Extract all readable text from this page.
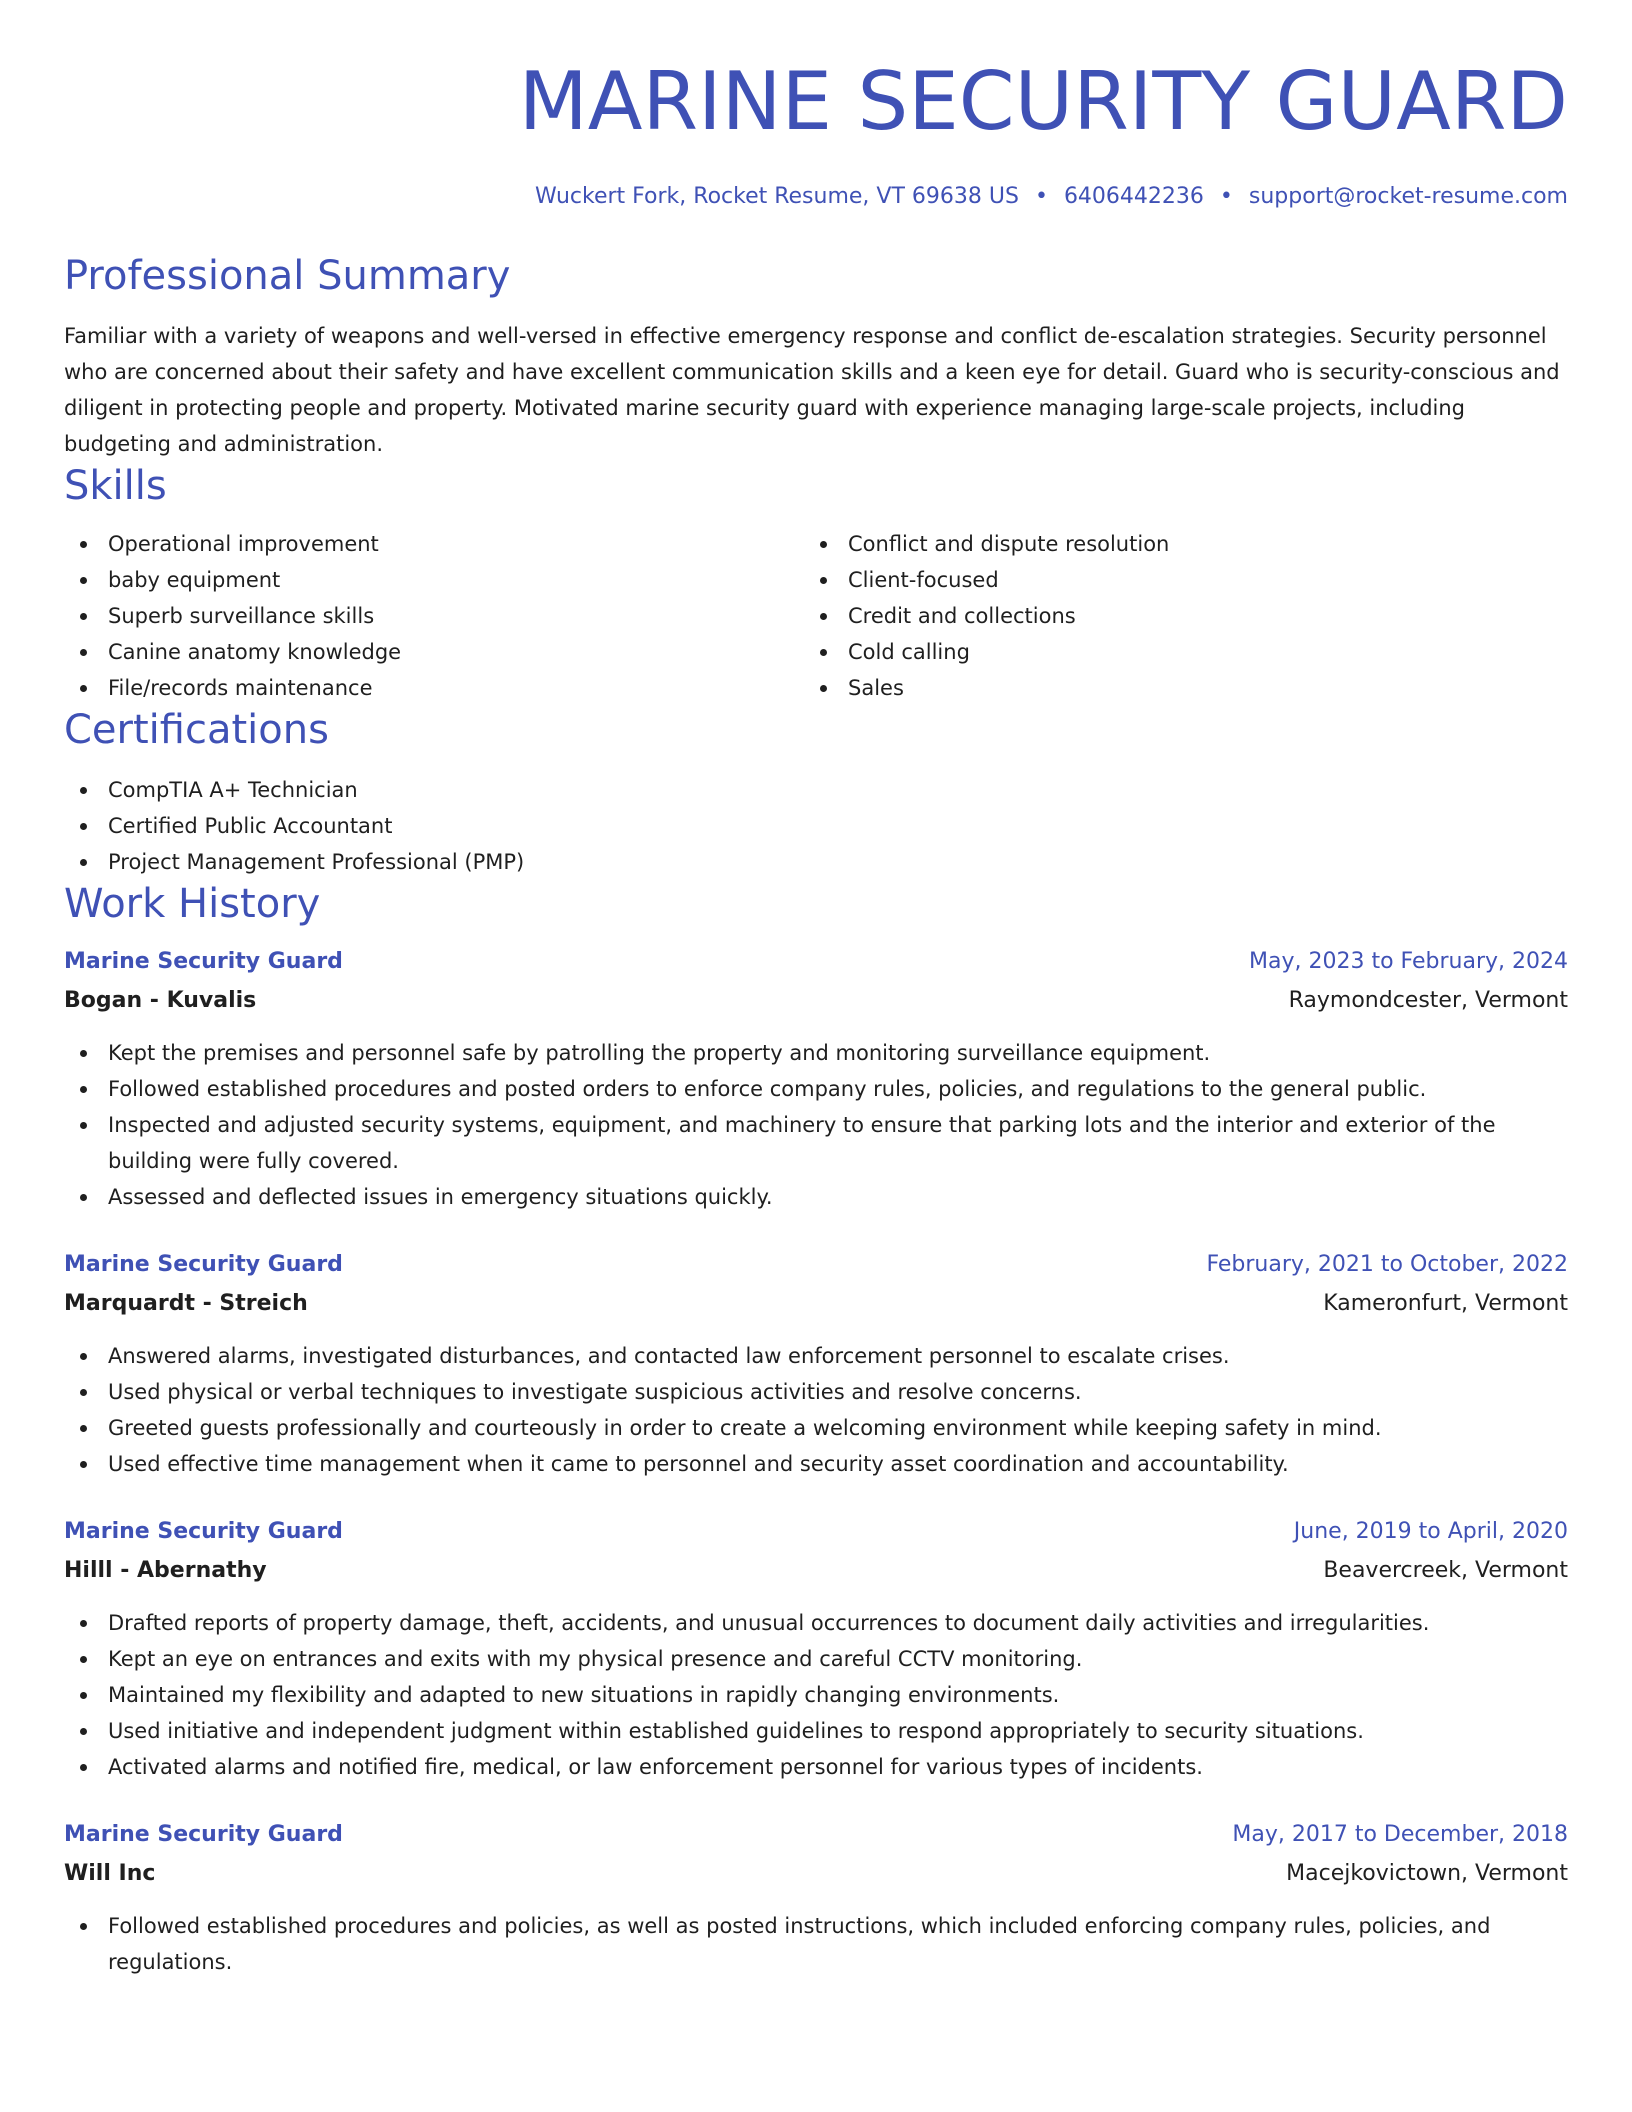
MARINE SECURITY GUARD
Wuckert Fork, Rocket Resume, VT 69638 US • 6406442236 • support@rocket-resume.com
Professional Summary

Familiar with a variety of weapons and well-versed in effective emergency response and conflict de-escalation strategies. Security personnel who are concerned about their safety and have excellent communication skills and a keen eye for detail. Guard who is security-conscious and diligent in protecting people and property. Motivated marine security guard with experience managing large-scale projects, including budgeting and administration.

Skills
Operational improvement
baby equipment
Superb surveillance skills
Canine anatomy knowledge
File/records maintenance
Conflict and dispute resolution
Client-focused
Credit and collections
Cold calling
Sales
Certifications
CompTIA A+ Technician
Certified Public Accountant
Project Management Professional (PMP)
Work History
Marine Security Guard	May, 2023 to February, 2024
Bogan - Kuvalis	Raymondcester, Vermont
Kept the premises and personnel safe by patrolling the property and monitoring surveillance equipment.
Followed established procedures and posted orders to enforce company rules, policies, and regulations to the general public.
Inspected and adjusted security systems, equipment, and machinery to ensure that parking lots and the interior and exterior of the building were fully covered.
Assessed and deflected issues in emergency situations quickly.
Marine Security Guard	February, 2021 to October, 2022
Marquardt - Streich	Kameronfurt, Vermont
Answered alarms, investigated disturbances, and contacted law enforcement personnel to escalate crises.
Used physical or verbal techniques to investigate suspicious activities and resolve concerns.
Greeted guests professionally and courteously in order to create a welcoming environment while keeping safety in mind.
Used effective time management when it came to personnel and security asset coordination and accountability.
Marine Security Guard	June, 2019 to April, 2020
Hilll - Abernathy	Beavercreek, Vermont
Drafted reports of property damage, theft, accidents, and unusual occurrences to document daily activities and irregularities.
Kept an eye on entrances and exits with my physical presence and careful CCTV monitoring.
Maintained my flexibility and adapted to new situations in rapidly changing environments.
Used initiative and independent judgment within established guidelines to respond appropriately to security situations.
Activated alarms and notified fire, medical, or law enforcement personnel for various types of incidents.
Marine Security Guard	May, 2017 to December, 2018
Will Inc	Macejkovictown, Vermont
Followed established procedures and policies, as well as posted instructions, which included enforcing company rules, policies, and regulations.
